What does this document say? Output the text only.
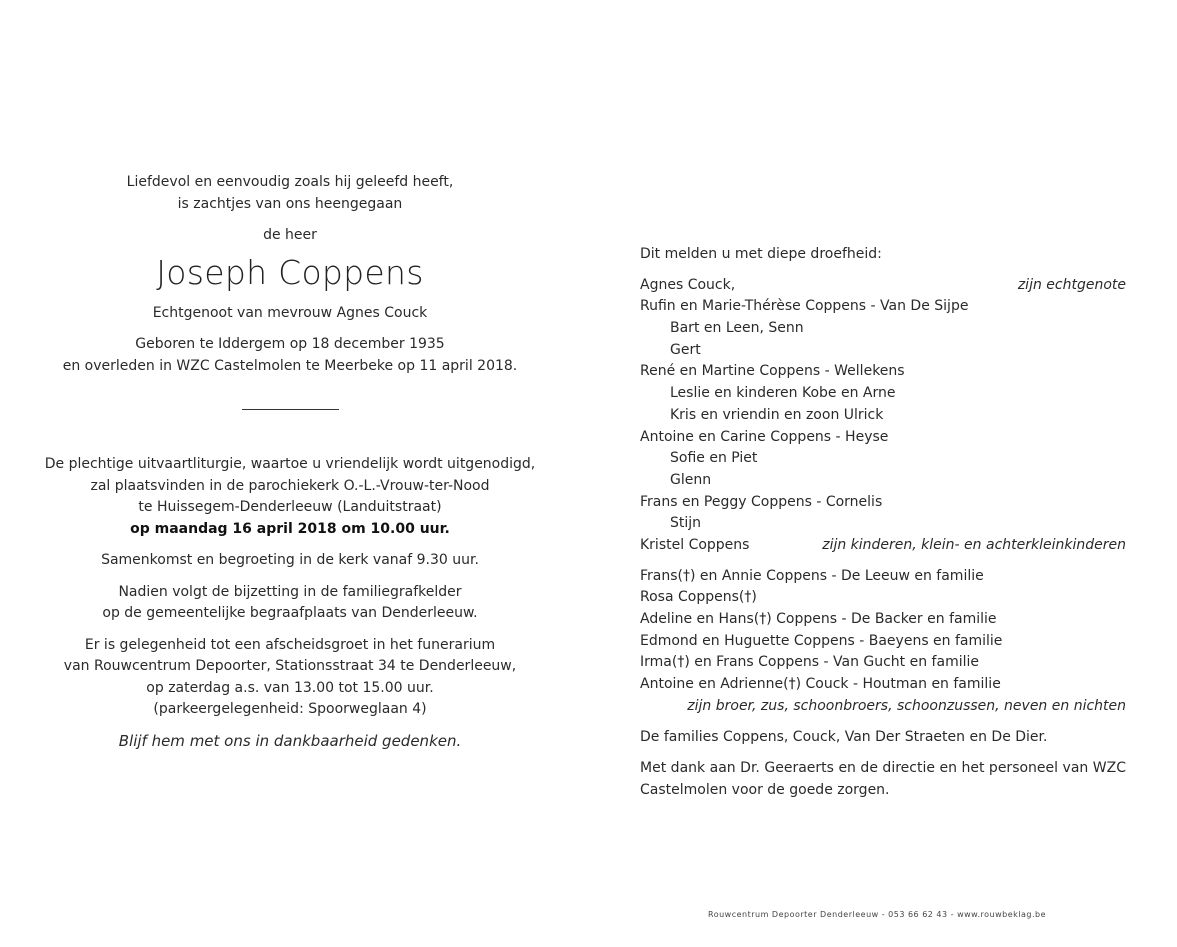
Liefdevol en eenvoudig zoals hij geleefd heeft,

is zachtjes van ons heengegaan

de heer

Joseph Coppens

Echtgenoot van mevrouw Agnes Couck

Geboren te Iddergem op 18 december 1935

en overleden in WZC Castelmolen te Meerbeke op 11 april 2018.

De plechtige uitvaartliturgie, waartoe u vriendelijk wordt uitgenodigd,

zal plaatsvinden in de parochiekerk O.-L.-Vrouw-ter-Nood

te Huissegem-Denderleeuw (Landuitstraat)

op maandag 16 april 2018 om 10.00 uur.

Samenkomst en begroeting in de kerk vanaf 9.30 uur.

Nadien volgt de bijzetting in de familiegrafkelder

op de gemeentelijke begraafplaats van Denderleeuw.

Er is gelegenheid tot een afscheidsgroet in het funerarium

van Rouwcentrum Depoorter, Stationsstraat 34 te Denderleeuw,

op zaterdag a.s. van 13.00 tot 15.00 uur.

(parkeergelegenheid: Spoorweglaan 4)

Blijf hem met ons in dankbaarheid gedenken.

Dit melden u met diepe droefheid:
Agnes Couck,	zijn echtgenote
Rufin en Marie-Thérèse Coppens - Van De Sijpe
Bart en Leen, Senn
Gert
René en Martine Coppens - Wellekens
Leslie en kinderen Kobe en Arne
Kris en vriendin en zoon Ulrick
Antoine en Carine Coppens - Heyse
Sofie en Piet
Glenn
Frans en Peggy Coppens - Cornelis
Stijn
Kristel Coppens	zijn kinderen, klein- en achterkleinkinderen
Frans(†) en Annie Coppens - De Leeuw en familie
Rosa Coppens(†)
Adeline en Hans(†) Coppens - De Backer en familie
Edmond en Huguette Coppens - Baeyens en familie
Irma(†) en Frans Coppens - Van Gucht en familie
Antoine en Adrienne(†) Couck - Houtman en familie
zijn broer, zus, schoonbroers, schoonzussen, neven en nichten

De families Coppens, Couck, Van Der Straeten en De Dier.

Met dank aan Dr. Geeraerts en de directie en het personeel van WZC Castelmolen voor de goede zorgen.

Rouwcentrum Depoorter Denderleeuw - 053 66 62 43 - www.rouwbeklag.be
